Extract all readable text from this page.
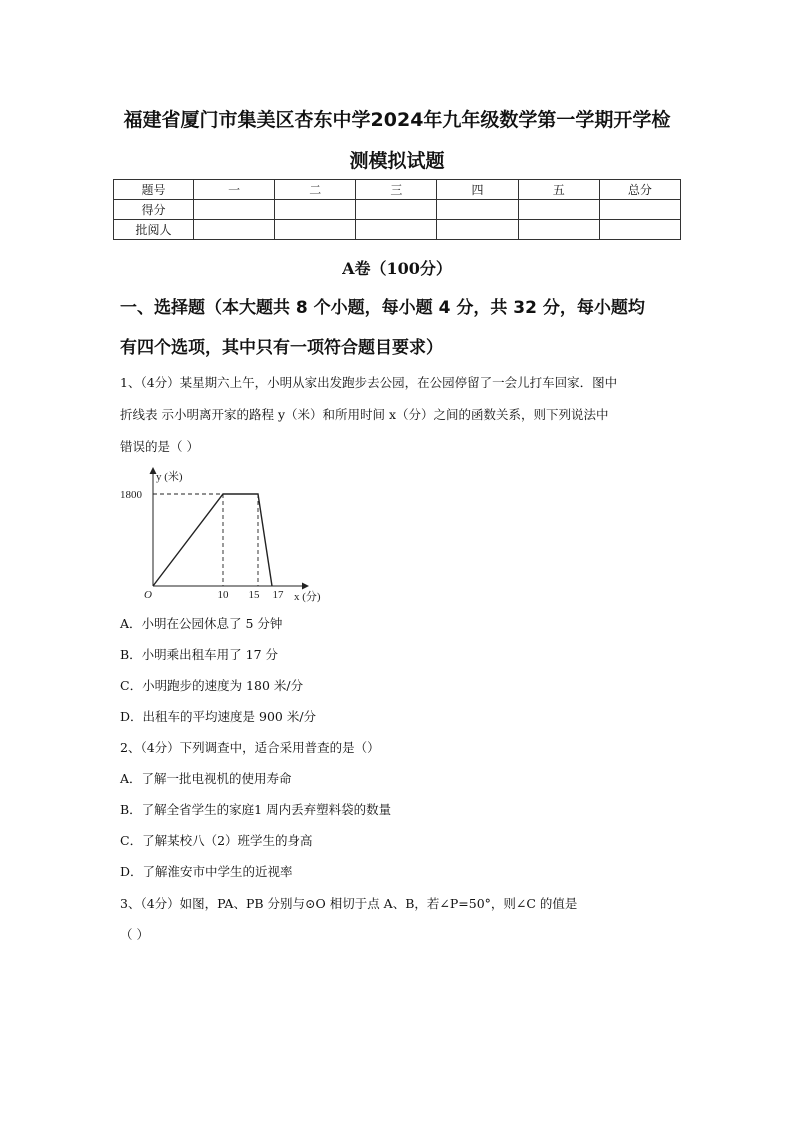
福建省厦门市集美区杏东中学2024年九年级数学第一学期开学检
测模拟试题
题号	一	二	三	四	五	总分
得分						
批阅人						
A卷（100分）
一、选择题（本大题共 8 个小题，每小题 4 分，共 32 分，每小题均
有四个选项，其中只有一项符合题目要求）
1、（4分）某星期六上午，小明从家出发跑步去公园，在公园停留了一会儿打车回家．图中
折线表 示小明离开家的路程 y（米）和所用时间 x（分）之间的函数关系，则下列说法中
错误的是（ ）
y (米)
x (分)
O
1800
10 15 17
A．小明在公园休息了 5 分钟
B．小明乘出租车用了 17 分
C．小明跑步的速度为 180 米/分
D．出租车的平均速度是 900 米/分
2、（4分）下列调查中，适合采用普查的是（）
A．了解一批电视机的使用寿命
B．了解全省学生的家庭1 周内丢弃塑料袋的数量
C．了解某校八（2）班学生的身高
D．了解淮安市中学生的近视率
3、（4分）如图，PA、PB 分别与⊙O 相切于点 A、B，若∠P=50°，则∠C 的值是
（ ）
